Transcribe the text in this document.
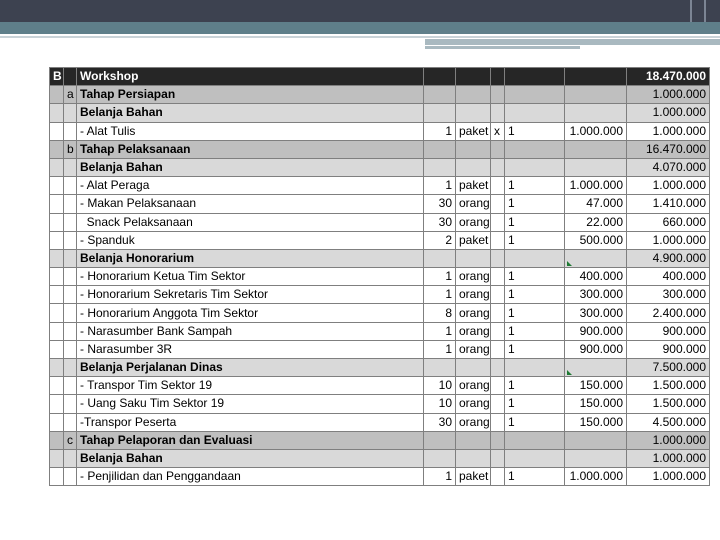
B		Workshop						18.470.000
	a	Tahap Persiapan						1.000.000
		Belanja Bahan						1.000.000
		- Alat Tulis	1	paket	x	1	1.000.000	1.000.000
	b	Tahap Pelaksanaan						16.470.000
		Belanja Bahan						4.070.000
		- Alat Peraga	1	paket		1	1.000.000	1.000.000
		- Makan Pelaksanaan	30	orang		1	47.000	1.410.000
		Snack Pelaksanaan	30	orang		1	22.000	660.000
		- Spanduk	2	paket		1	500.000	1.000.000
		Belanja Honorarium						4.900.000
		- Honorarium Ketua Tim Sektor	1	orang		1	400.000	400.000
		- Honorarium Sekretaris Tim Sektor	1	orang		1	300.000	300.000
		- Honorarium Anggota Tim Sektor	8	orang		1	300.000	2.400.000
		- Narasumber Bank Sampah	1	orang		1	900.000	900.000
		- Narasumber 3R	1	orang		1	900.000	900.000
		Belanja Perjalanan Dinas						7.500.000
		- Transpor Tim Sektor 19	10	orang		1	150.000	1.500.000
		- Uang Saku Tim Sektor 19	10	orang		1	150.000	1.500.000
		-Transpor Peserta	30	orang		1	150.000	4.500.000
	c	Tahap Pelaporan dan Evaluasi						1.000.000
		Belanja Bahan						1.000.000
		- Penjilidan dan Penggandaan	1	paket		1	1.000.000	1.000.000
